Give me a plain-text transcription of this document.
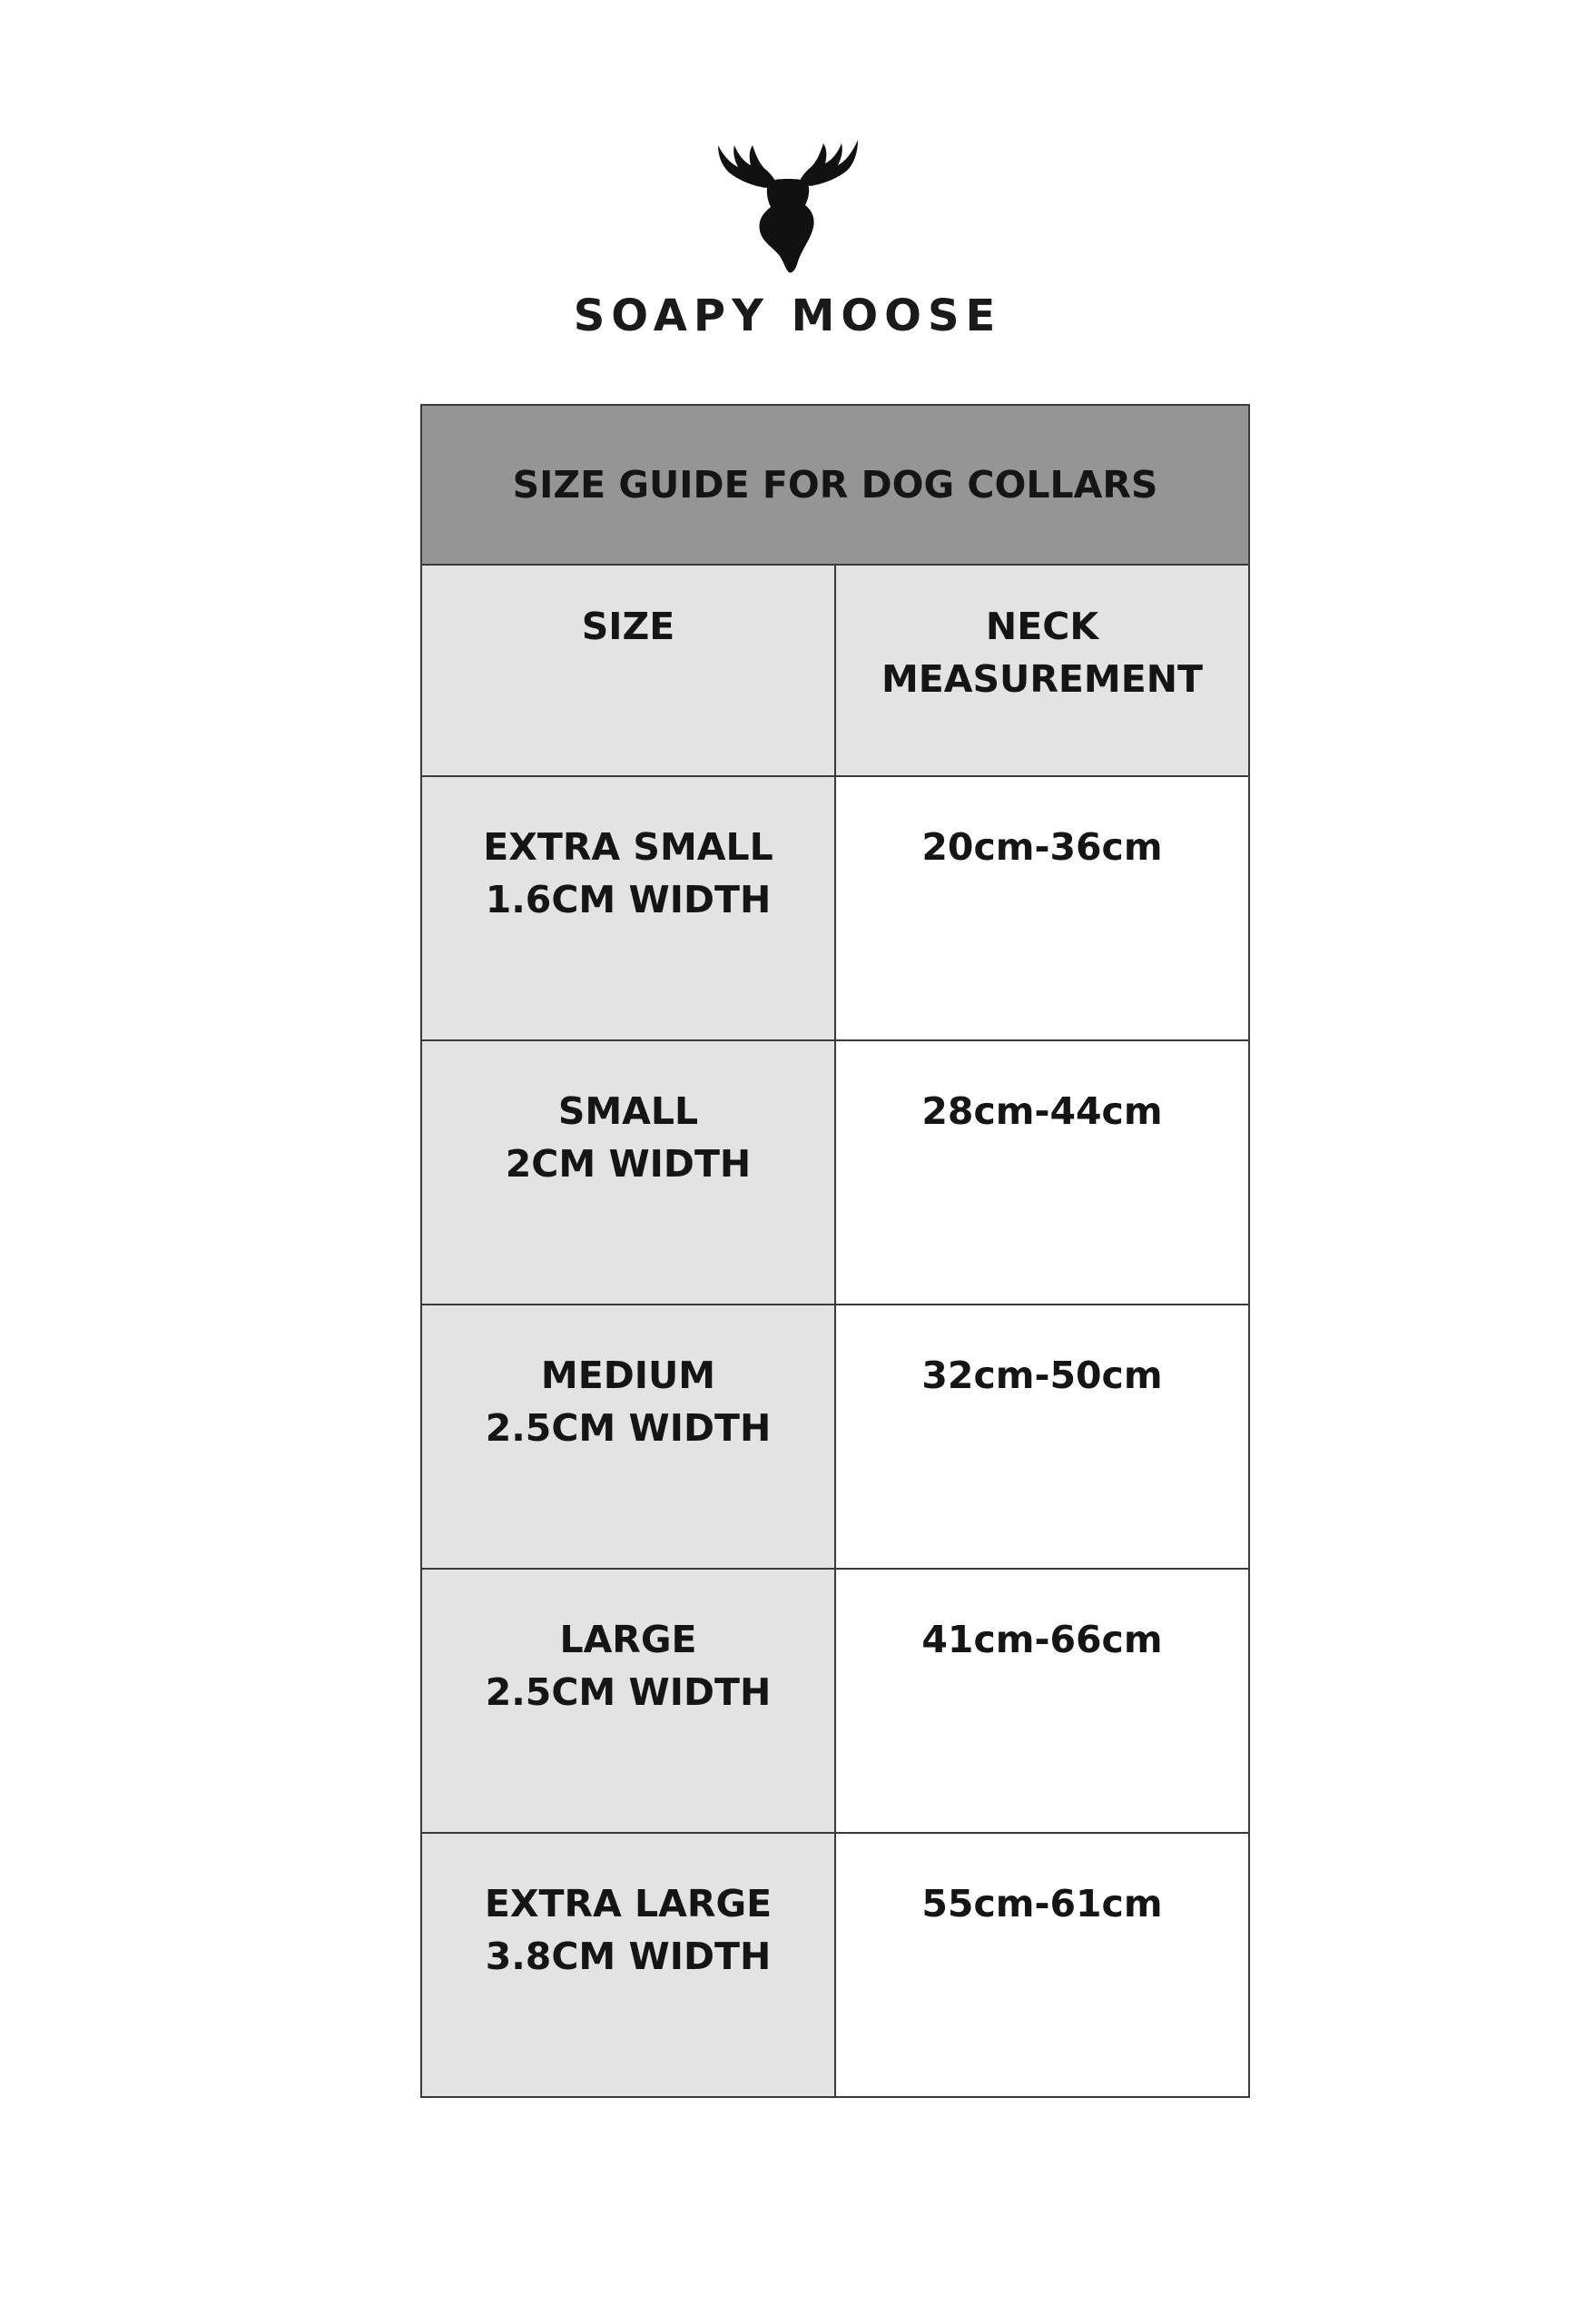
SOAPY MOOSE
SIZE GUIDE FOR DOG COLLARS	

SIZE	NECK
MEASUREMENT

EXTRA SMALL
1.6CM WIDTH	20cm-36cm

SMALL
2CM WIDTH	28cm-44cm

MEDIUM
2.5CM WIDTH	32cm-50cm

LARGE
2.5CM WIDTH	41cm-66cm

EXTRA LARGE
3.8CM WIDTH	55cm-61cm
